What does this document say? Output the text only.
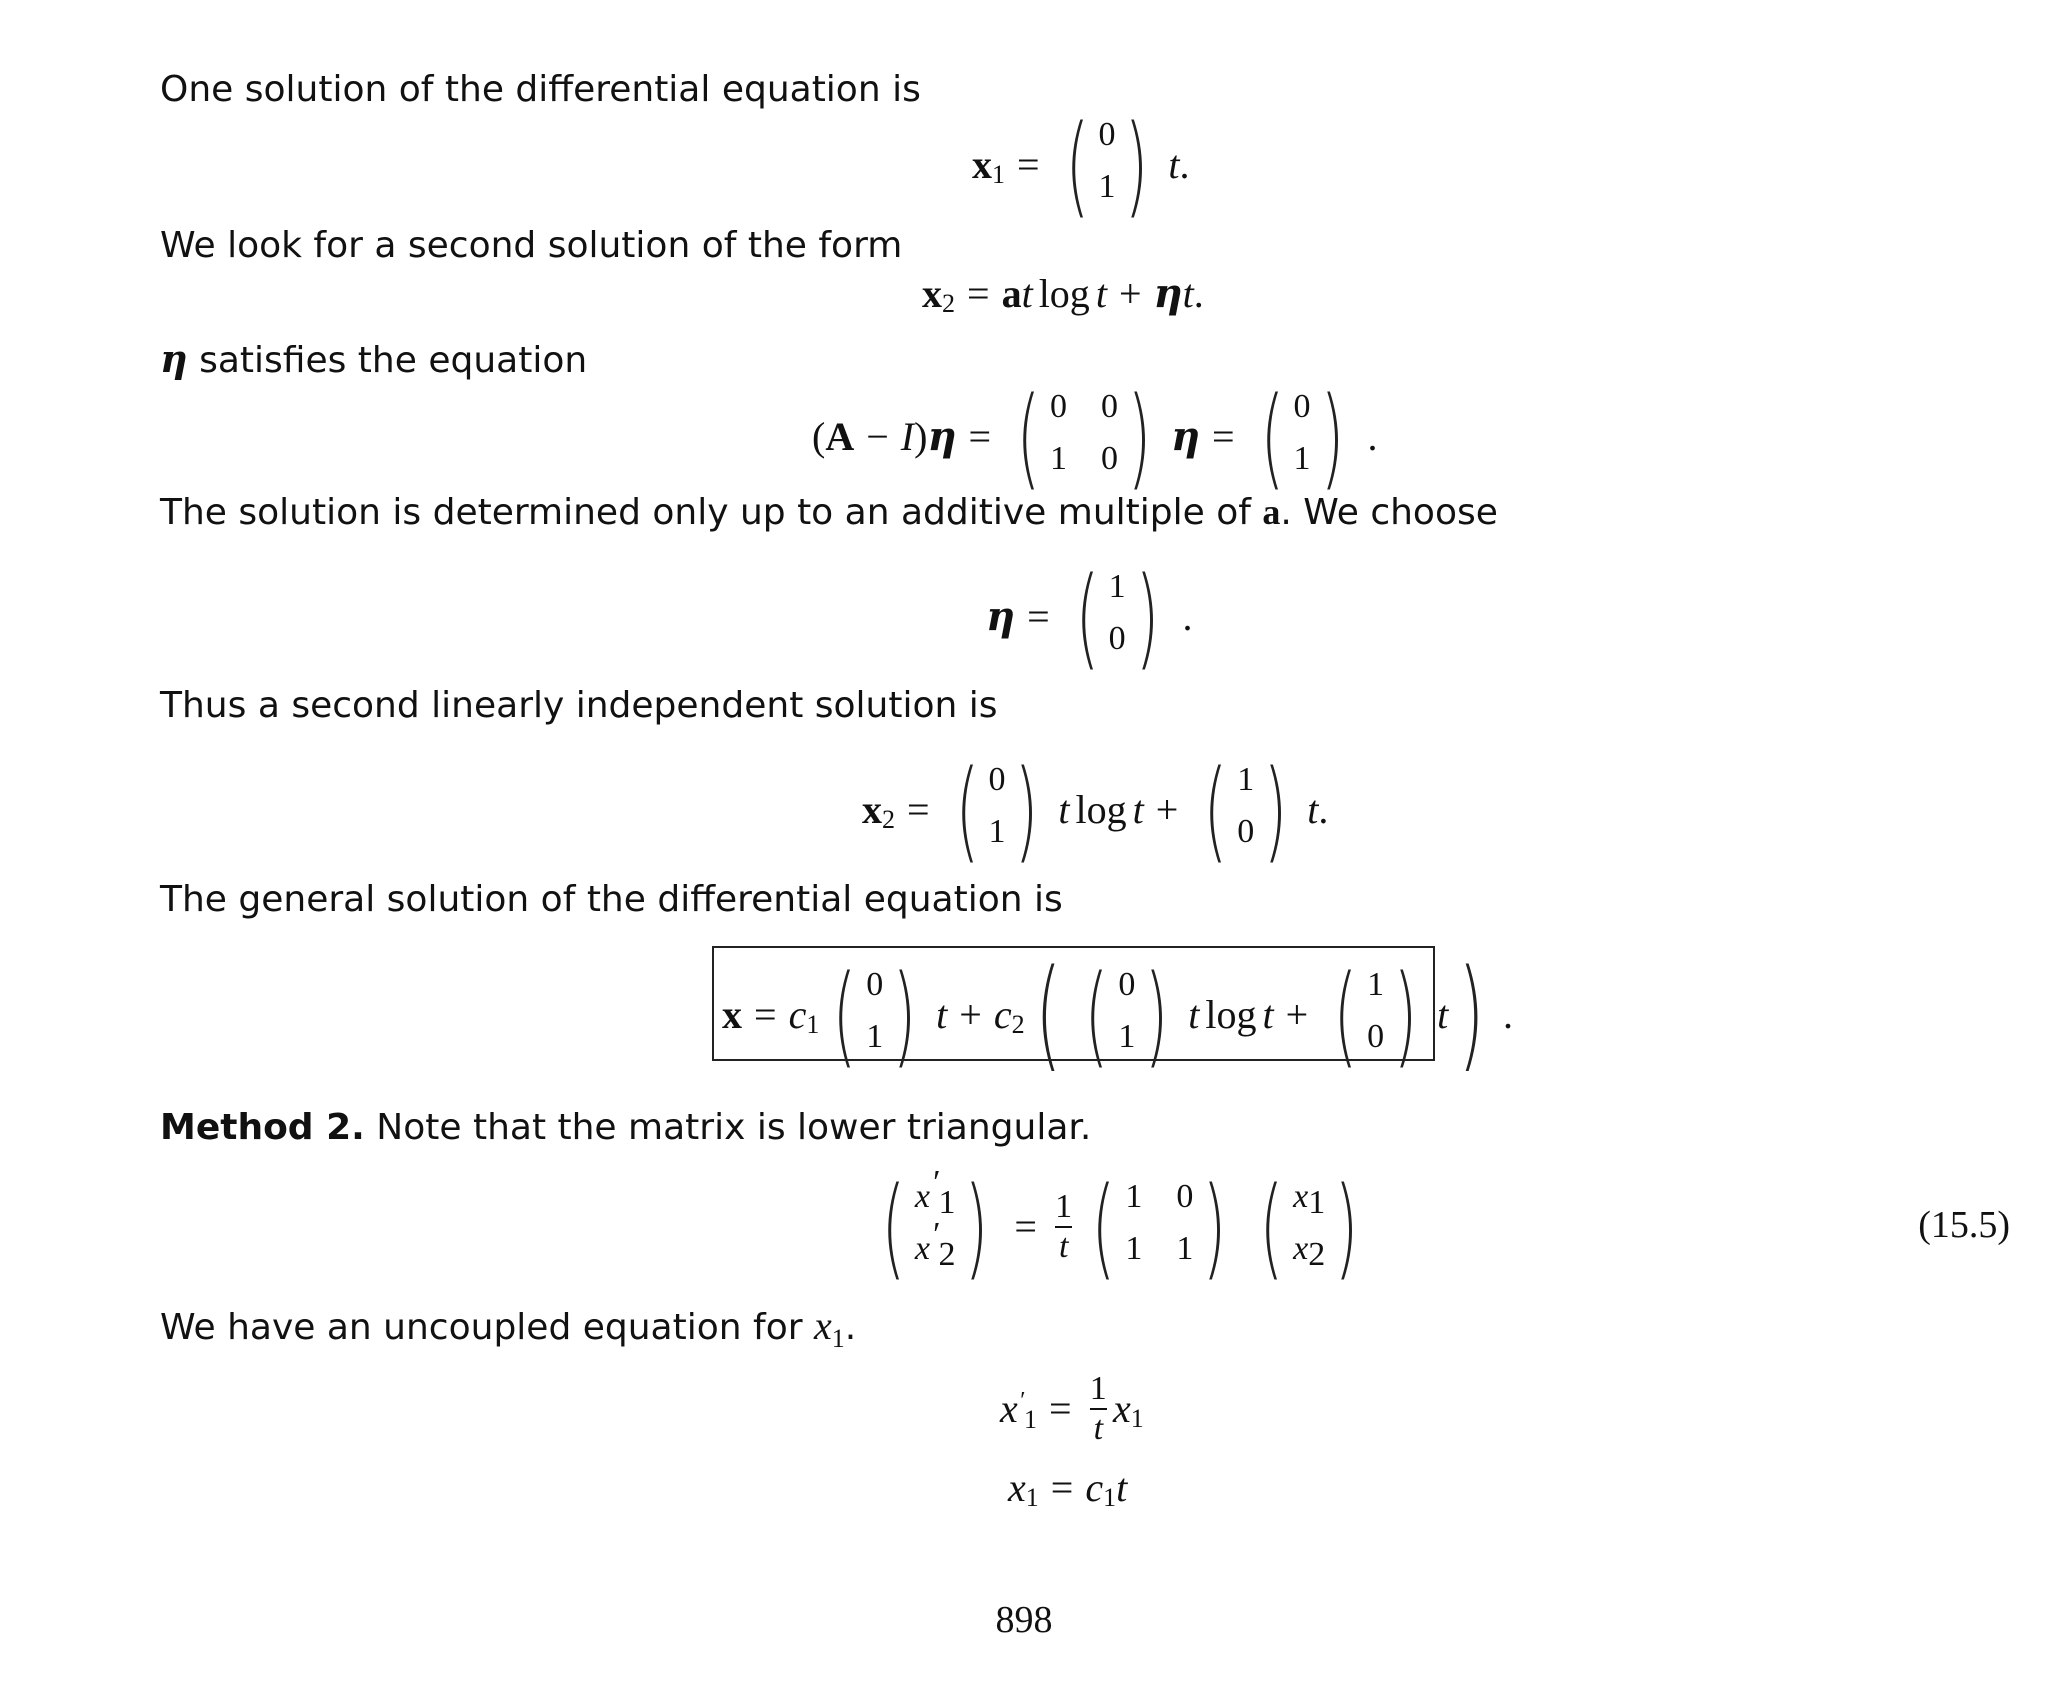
One solution of the differential equation is
x 1 = ( 0
1 ) t .
We look for a second solution of the form
x 2 = a t log t + η t .
η satisfies the equation
( A − I ) η = ( 0 0
1 0 ) η = ( 0
1 ) .
The solution is determined only up to an additive multiple of a. We choose
η = ( 1
0 ) .
Thus a second linearly independent solution is
x 2 = ( 0
1 ) t log t + ( 1
0 ) t .
The general solution of the differential equation is
x = c 1 ( 0
1 ) t + c 2 ( ( 0
1 ) t log t + ( 1
0 ) t ) .
Method 2. Note that the matrix is lower triangular.
( x′1
x′2 ) = $\frac{1}{t}$ ( 1 0
1 1 ) ( x1
x2 )	(15.5)
We have an uncoupled equation for $x_1$.
$x'1 = \frac{1}{t}$ x 1
x 1 = c 1 t
898
